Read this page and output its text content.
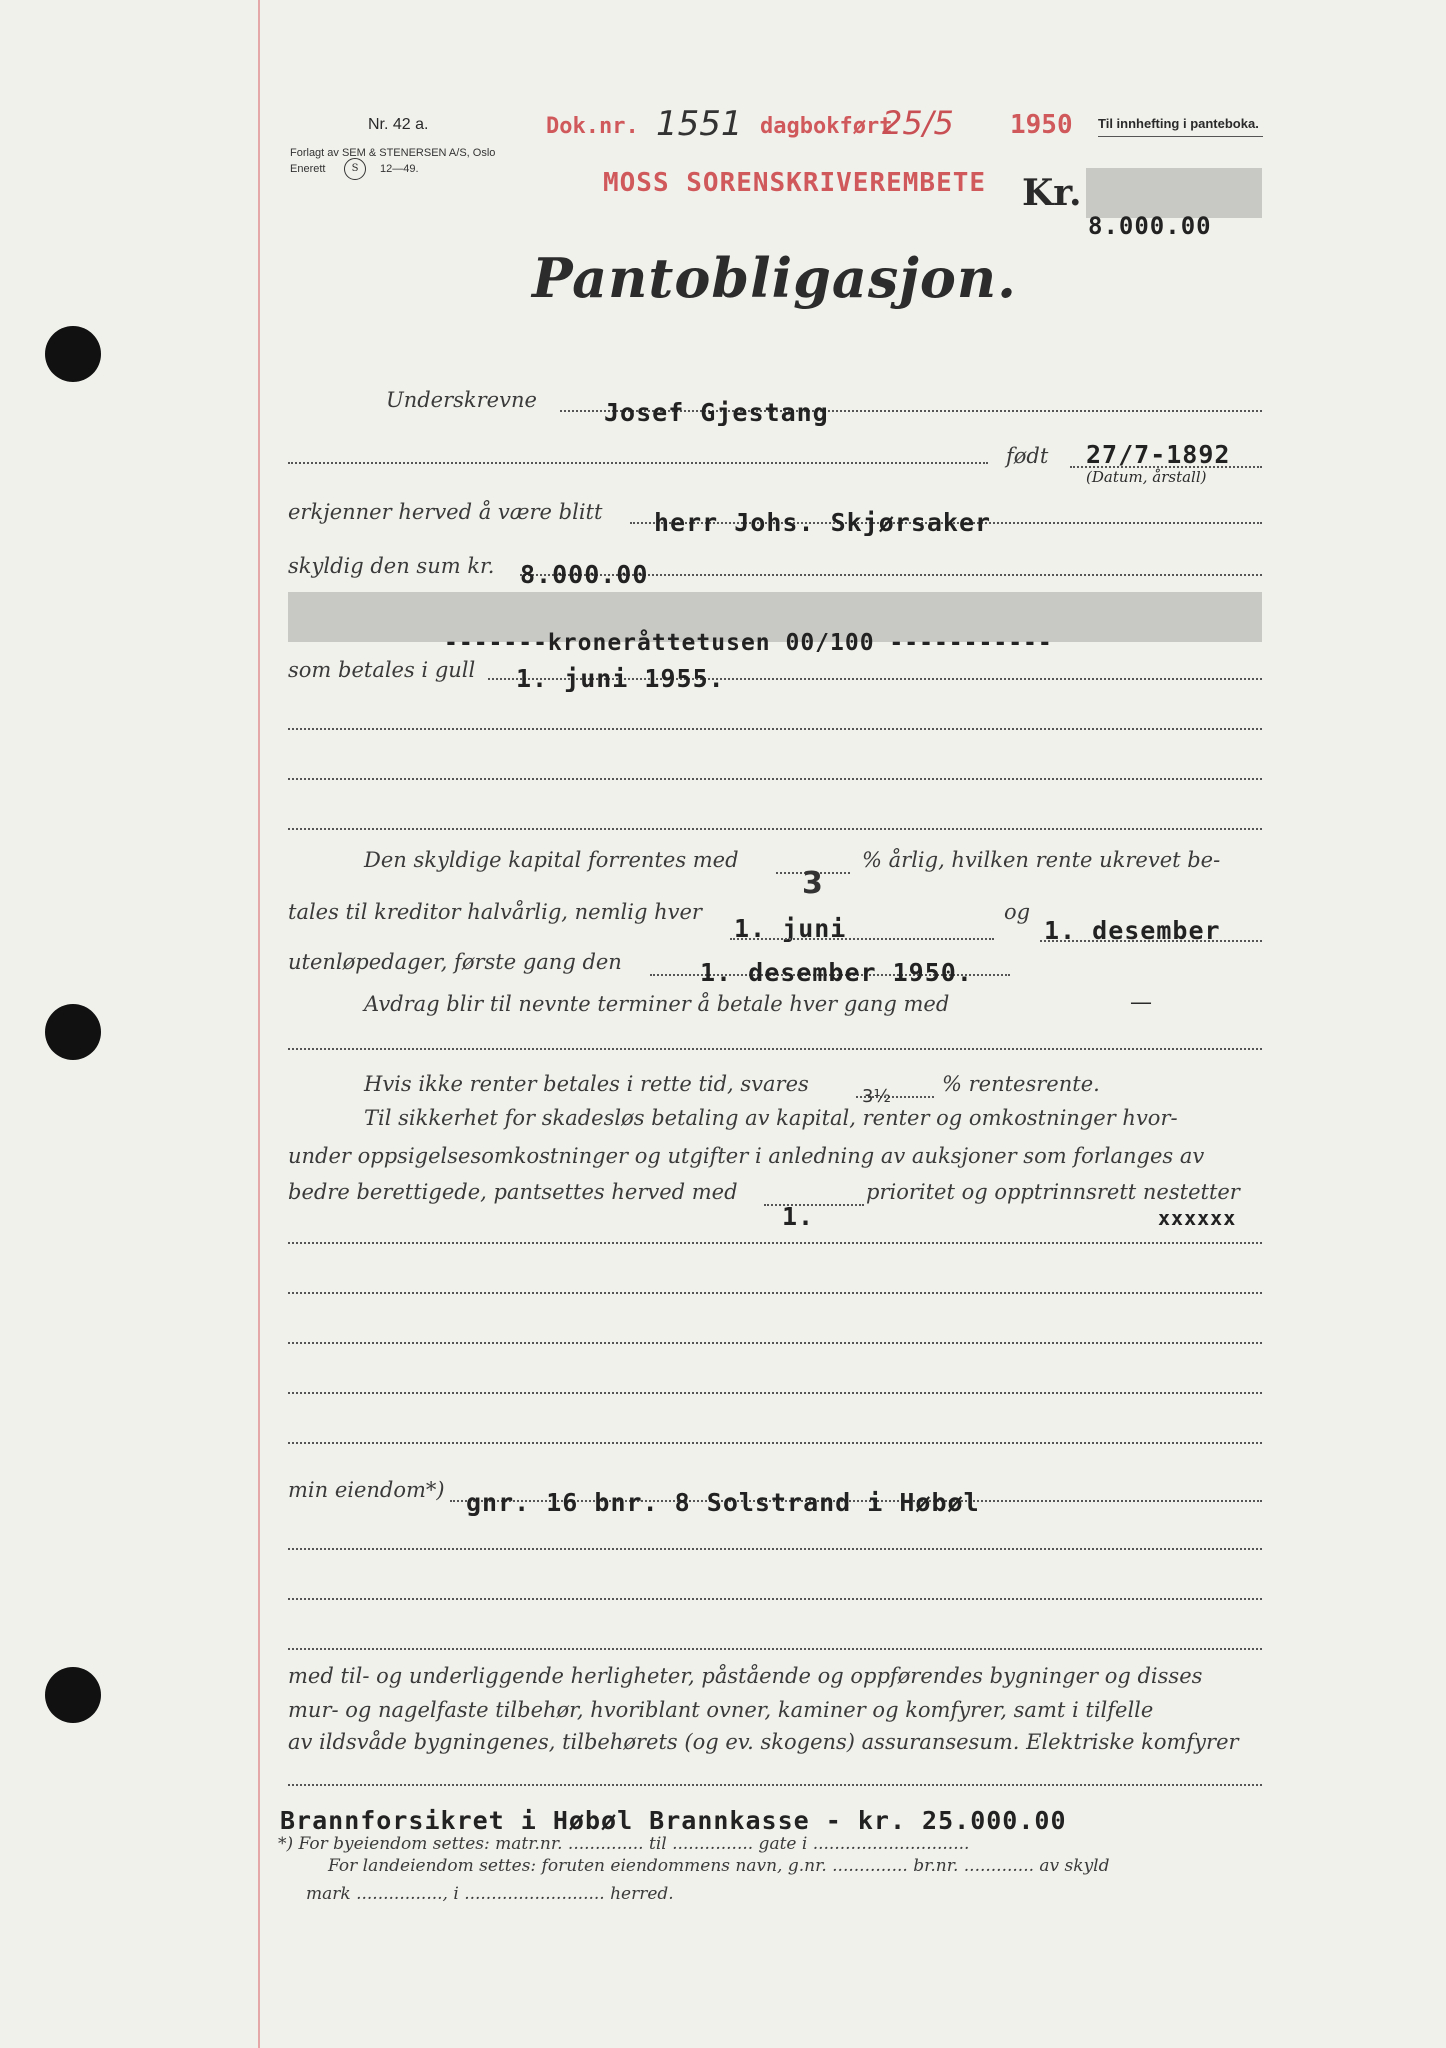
Nr. 42 a.
Forlagt av SEM & STENERSEN A/S, Oslo
Enerett	S	12—49.
Dok.nr. 1551 dagbokført
25/5 1950 Til innhefting i panteboka.
MOSS SORENSKRIVEREMBETE Kr.
8.000.00
Pantobligasjon.
Underskrevne	Josef Gjestang
født 27/7-1892
(Datum, årstall)
erkjenner herved å være blitt herr Johs. Skjørsaker
skyldig den sum kr. 8.000.00
-------kroneråttetusen 00/100 -----------
som betales i gull 1. juni 1955.
Den skyldige kapital forrentes med	% årlig, hvilken rente ukrevet be-
tales til kreditor halvårlig, nemlig hver
3
1. juni
og
1. desember
utenløpedager, første gang den	1. desember 1950.
Avdrag blir til nevnte terminer å betale hver gang med	—
Hvis ikke renter betales i rette tid, svares
3½
% rentesrente.
Til sikkerhet for skadesløs betaling av kapital, renter og omkostninger hvor-
under oppsigelsesomkostninger og utgifter i anledning av auksjoner som forlanges av
bedre berettigede, pantsettes herved med
1.
prioritet og opptrinnsrett nestetter
xxxxxx
min eiendom*) gnr. 16 bnr. 8 Solstrand i Høbøl
med til- og underliggende herligheter, påstående og oppførendes bygninger og disses
mur- og nagelfaste tilbehør, hvoriblant ovner, kaminer og komfyrer, samt i tilfelle
av ildsvåde bygningenes, tilbehørets (og ev. skogens) assuransesum. Elektriske komfyrer
Brannforsikret i Høbøl Brannkasse - kr. 25.000.00
*) For byeiendom settes: matr.nr. .............. til ............... gate i .............................
For landeiendom settes: foruten eiendommens navn, g.nr. .............. br.nr. ............. av skyld
mark ................, i .......................... herred.
